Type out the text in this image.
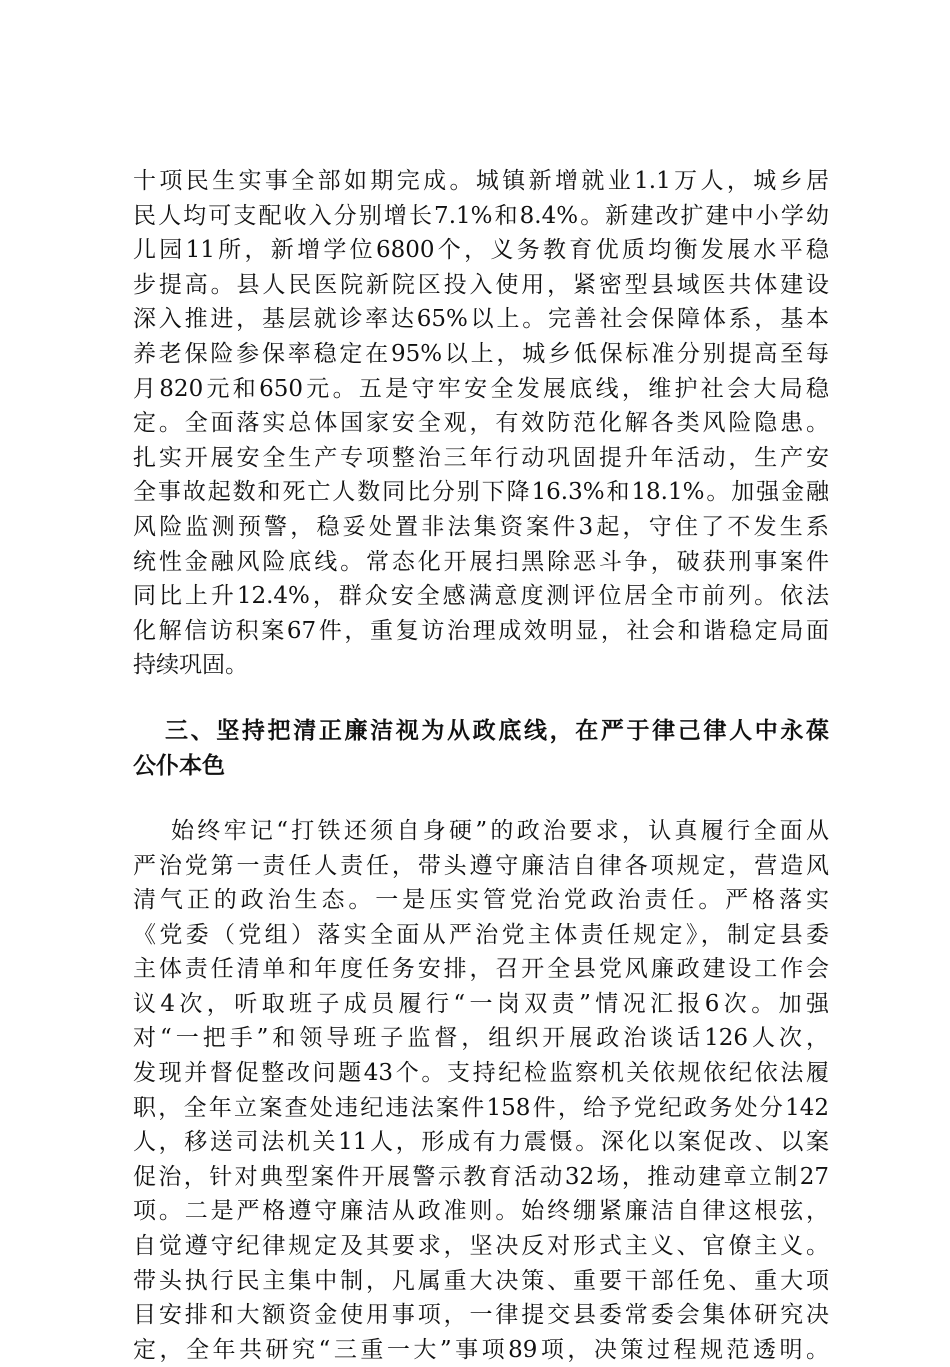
十项民生实事全部如期完成。城镇新增就业1.1万人，城乡居
民人均可支配收入分别增长7.1%和8.4%。新建改扩建中小学幼
儿园11所，新增学位6800个，义务教育优质均衡发展水平稳
步提高。县人民医院新院区投入使用，紧密型县域医共体建设
深入推进，基层就诊率达65%以上。完善社会保障体系，基本
养老保险参保率稳定在95%以上，城乡低保标准分别提高至每
月820元和650元。五是守牢安全发展底线，维护社会大局稳
定。全面落实总体国家安全观，有效防范化解各类风险隐患。
扎实开展安全生产专项整治三年行动巩固提升年活动，生产安
全事故起数和死亡人数同比分别下降16.3%和18.1%。加强金融
风险监测预警，稳妥处置非法集资案件3起，守住了不发生系
统性金融风险底线。常态化开展扫黑除恶斗争，破获刑事案件
同比上升12.4%，群众安全感满意度测评位居全市前列。依法
化解信访积案67件，重复访治理成效明显，社会和谐稳定局面
持续巩固。
三、坚持把清正廉洁视为从政底线，在严于律己律人中永葆
公仆本色
始终牢记“打铁还须自身硬”的政治要求，认真履行全面从
严治党第一责任人责任，带头遵守廉洁自律各项规定，营造风
清气正的政治生态。一是压实管党治党政治责任。严格落实
《党委（党组）落实全面从严治党主体责任规定》，制定县委
主体责任清单和年度任务安排，召开全县党风廉政建设工作会
议4次，听取班子成员履行“一岗双责”情况汇报6次。加强
对“一把手”和领导班子监督，组织开展政治谈话126人次，
发现并督促整改问题43个。支持纪检监察机关依规依纪依法履
职，全年立案查处违纪违法案件158件，给予党纪政务处分142
人，移送司法机关11人，形成有力震慑。深化以案促改、以案
促治，针对典型案件开展警示教育活动32场，推动建章立制27
项。二是严格遵守廉洁从政准则。始终绷紧廉洁自律这根弦，
自觉遵守纪律规定及其要求，坚决反对形式主义、官僚主义。
带头执行民主集中制，凡属重大决策、重要干部任免、重大项
目安排和大额资金使用事项，一律提交县委常委会集体研究决
定，全年共研究“三重一大”事项89项，决策过程规范透明。
